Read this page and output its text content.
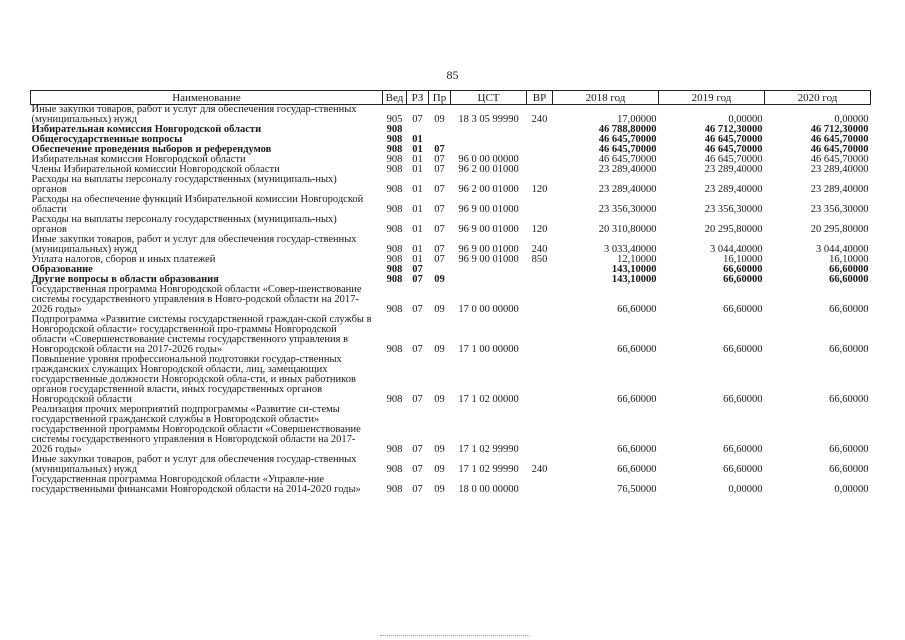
85
Наименование	Вед	РЗ	Пр	ЦСТ	ВР	2018 год	2019 год	2020 год
Иные закупки товаров, работ и услуг для обеспечения государ-ственных (муниципальных) нужд	905	07	09	18 3 05 99990	240	17,00000	0,00000	0,00000
Избирательная комиссия Новгородской области	908					46 788,80000	46 712,30000	46 712,30000
Общегосударственные вопросы	908	01				46 645,70000	46 645,70000	46 645,70000
Обеспечение проведения выборов и референдумов	908	01	07			46 645,70000	46 645,70000	46 645,70000
Избирательная комиссия Новгородской области	908	01	07	96 0 00 00000		46 645,70000	46 645,70000	46 645,70000
Члены Избирательной комиссии Новгородской области	908	01	07	96 2 00 01000		23 289,40000	23 289,40000	23 289,40000
Расходы на выплаты персоналу государственных (муниципаль-ных) органов	908	01	07	96 2 00 01000	120	23 289,40000	23 289,40000	23 289,40000
Расходы на обеспечение функций Избирательной комиссии Новгородской области	908	01	07	96 9 00 01000		23 356,30000	23 356,30000	23 356,30000
Расходы на выплаты персоналу государственных (муниципаль-ных) органов	908	01	07	96 9 00 01000	120	20 310,80000	20 295,80000	20 295,80000
Иные закупки товаров, работ и услуг для обеспечения государ-ственных (муниципальных) нужд	908	01	07	96 9 00 01000	240	3 033,40000	3 044,40000	3 044,40000
Уплата налогов, сборов и иных платежей	908	01	07	96 9 00 01000	850	12,10000	16,10000	16,10000
Образование	908	07				143,10000	66,60000	66,60000
Другие вопросы в области образования	908	07	09			143,10000	66,60000	66,60000
Государственная программа Новгородской области «Совер-шенствование системы государственного управления в Новго-родской области на 2017-2026 годы»	908	07	09	17 0 00 00000		66,60000	66,60000	66,60000
Подпрограмма «Развитие системы государственной граждан-ской службы в Новгородской области» государственной про-граммы Новгородской области «Совершенствование системы государственного управления в Новгородской области на 2017-2026 годы»	908	07	09	17 1 00 00000		66,60000	66,60000	66,60000
Повышение уровня профессиональной подготовки государ-ственных гражданских служащих Новгородской области, лиц, замещающих государственные должности Новгородской обла-сти, и иных работников органов государственной власти, иных государственных органов Новгородской области	908	07	09	17 1 02 00000		66,60000	66,60000	66,60000
Реализация прочих мероприятий подпрограммы «Развитие си-стемы государственной гражданской службы в Новгородской области» государственной программы Новгородской области «Совершенствование системы государственного управления в Новгородской области на 2017-2026 годы»	908	07	09	17 1 02 99990		66,60000	66,60000	66,60000
Иные закупки товаров, работ и услуг для обеспечения государ-ственных (муниципальных) нужд	908	07	09	17 1 02 99990	240	66,60000	66,60000	66,60000
Государственная программа Новгородской области «Управле-ние государственными финансами Новгородской области на 2014-2020 годы»	908	07	09	18 0 00 00000		76,50000	0,00000	0,00000
